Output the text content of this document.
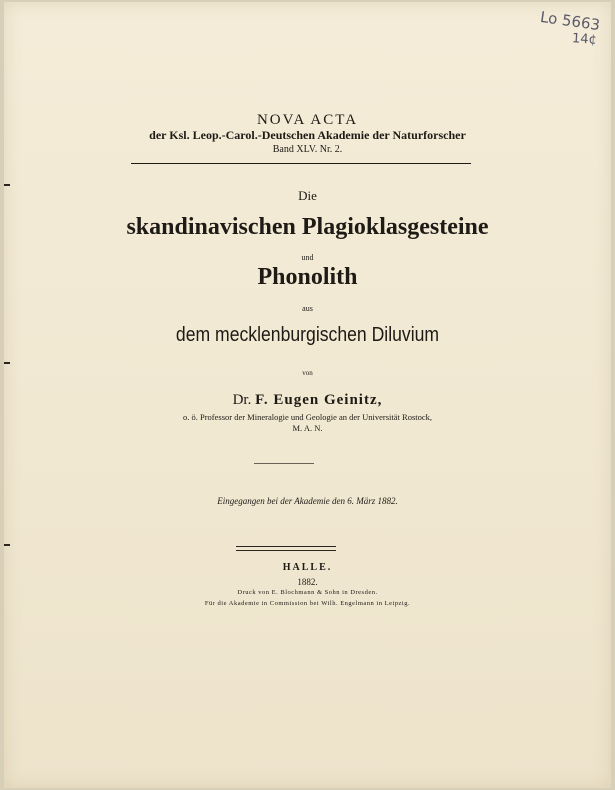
Lo 5663
14¢
NOVA ACTA
der Ksl. Leop.-Carol.-Deutschen Akademie der Naturforscher
Band XLV. Nr. 2.
Die
skandinavischen Plagioklasgesteine
und
Phonolith
aus
dem mecklenburgischen Diluvium
von
Dr. F. Eugen Geinitz,
o. ö. Professor der Mineralogie und Geologie an der Universität Rostock,
M. A. N.
Eingegangen bei der Akademie den 6. März 1882.
HALLE.
1882.
Druck von E. Blochmann & Sohn in Dresden.
Für die Akademie in Commission bei Wilh. Engelmann in Leipzig.
